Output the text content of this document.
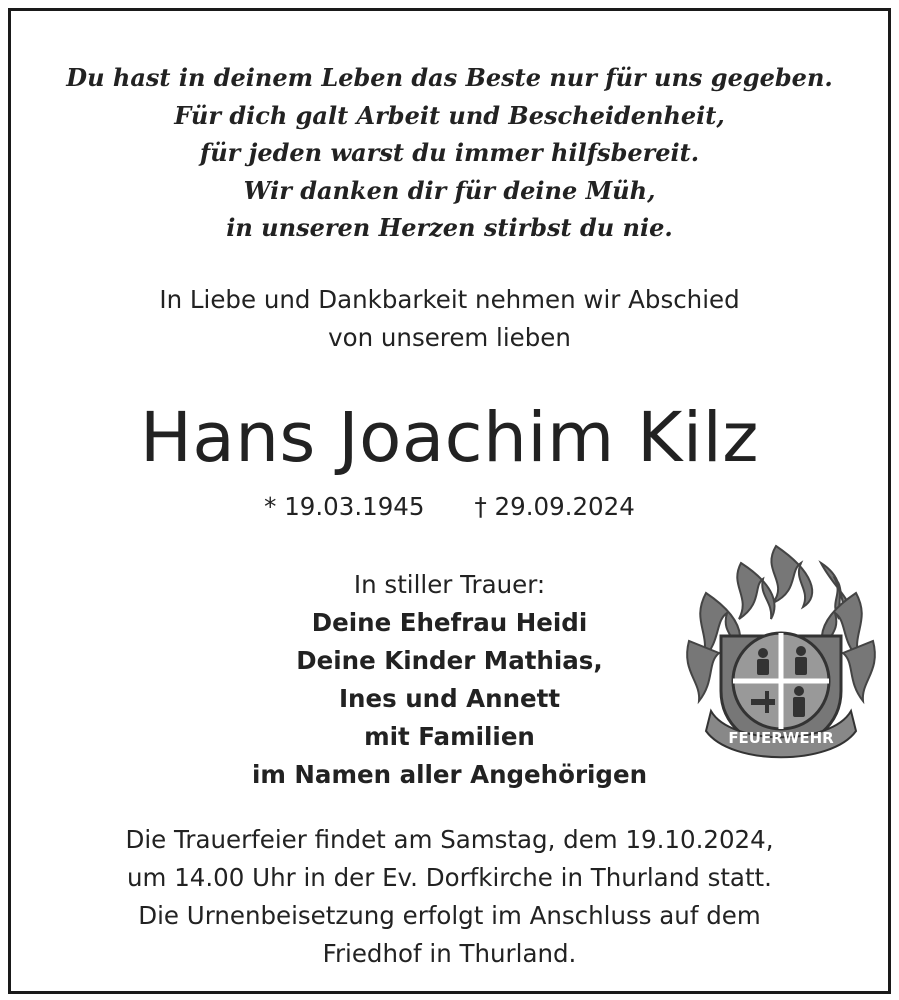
Du hast in deinem Leben das Beste nur für uns gegeben.
Für dich galt Arbeit und Bescheidenheit,
für jeden warst du immer hilfsbereit.
Wir danken dir für deine Müh,
in unseren Herzen stirbst du nie.
In Liebe und Dankbarkeit nehmen wir Abschied
von unserem lieben
Hans Joachim Kilz
* 19.03.1945 † 29.09.2024
In stiller Trauer:
Deine Ehefrau Heidi
Deine Kinder Mathias,
Ines und Annett
mit Familien
im Namen aller Angehörigen
FEUERWEHR
Die Trauerfeier findet am Samstag, dem 19.10.2024,
um 14.00 Uhr in der Ev. Dorfkirche in Thurland statt.
Die Urnenbeisetzung erfolgt im Anschluss auf dem
Friedhof in Thurland.
